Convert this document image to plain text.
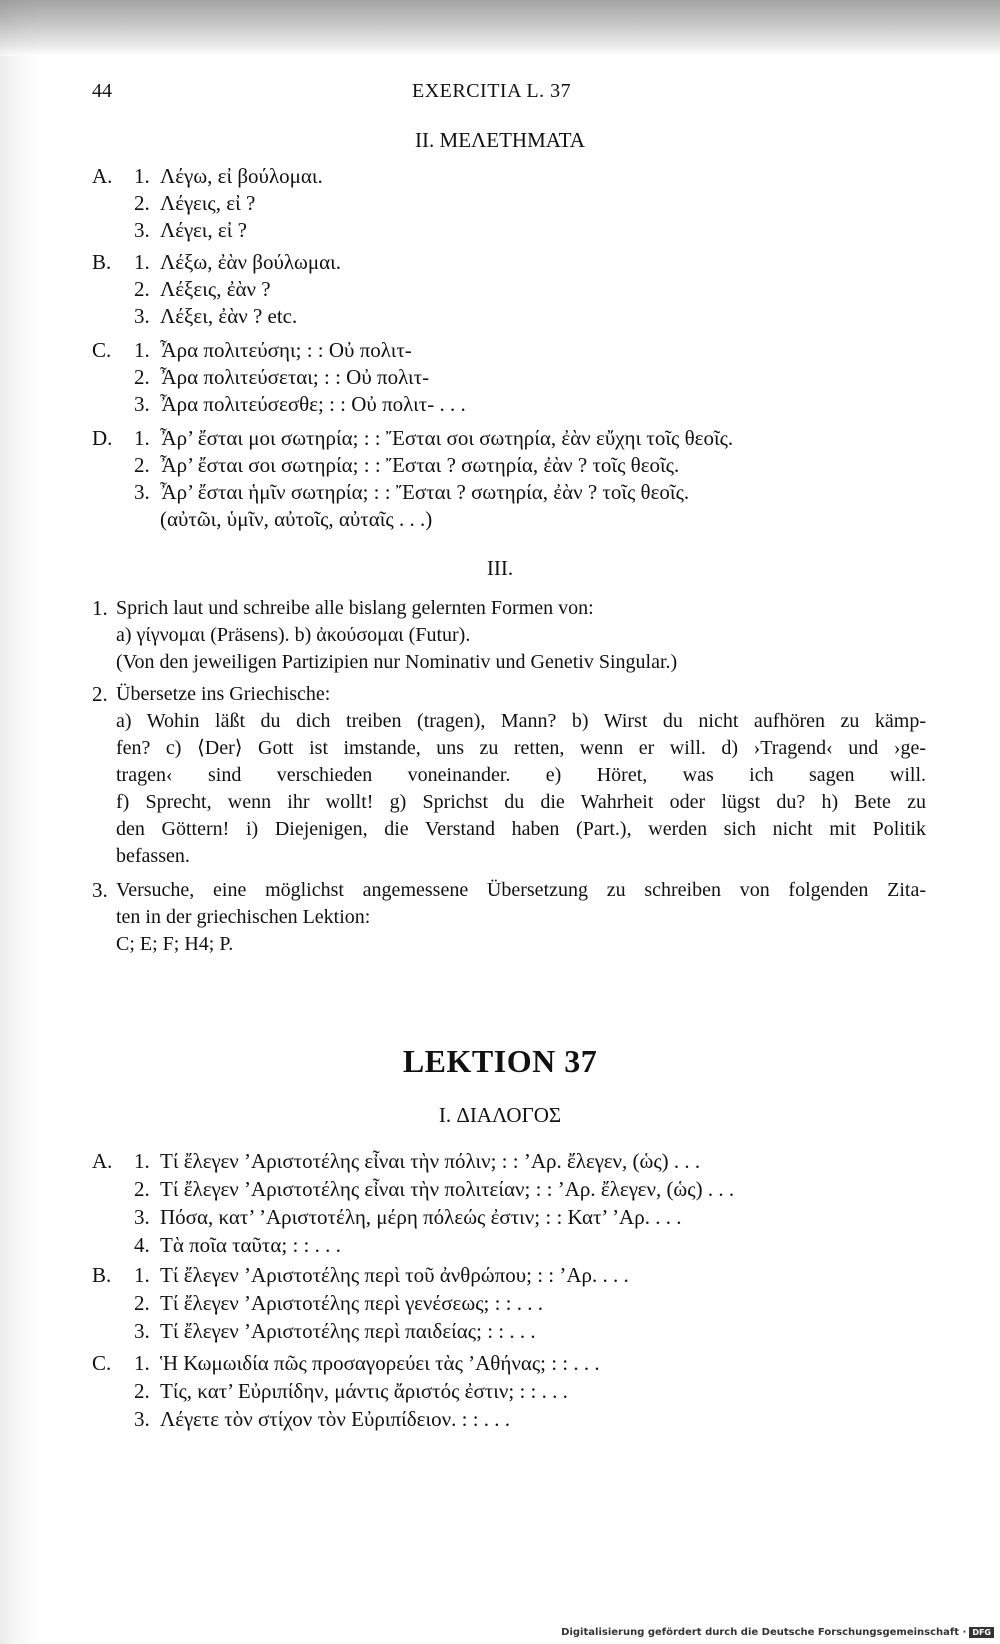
44	EXERCITIA L. 37
II. ΜΕΛΕΤΗΜΑΤΑ
A. 1. Λέγω, εἰ βούλομαι.
2. Λέγεις, εἰ ?
3. Λέγει, εἰ ?
B. 1. Λέξω, ἐὰν βούλωμαι.
2. Λέξεις, ἐὰν ?
3. Λέξει, ἐὰν ? etc.
C. 1. Ἆρα πολιτεύσηι; : : Οὐ πολιτ-
2. Ἆρα πολιτεύσεται; : : Οὐ πολιτ-
3. Ἆρα πολιτεύσεσθε; : : Οὐ πολιτ- . . .
D. 1. Ἆρ’ ἔσται μοι σωτηρία; : : Ἔσται σοι σωτηρία, ἐὰν εὔχηι τοῖς θεοῖς.
2. Ἆρ’ ἔσται σοι σωτηρία; : : Ἔσται ? σωτηρία, ἐὰν ? τοῖς θεοῖς.
3. Ἆρ’ ἔσται ἡμῖν σωτηρία; : : Ἔσται ? σωτηρία, ἐὰν ? τοῖς θεοῖς.
(αὐτῶι, ὑμῖν, αὐτοῖς, αὐταῖς . . .)
III.
1. Sprich laut und schreibe alle bislang gelernten Formen von:
a) γίγνομαι (Präsens). b) ἀκούσομαι (Futur).
(Von den jeweiligen Partizipien nur Nominativ und Genetiv Singular.)
2. Übersetze ins Griechische:
a) Wohin läßt du dich treiben (tragen), Mann? b) Wirst du nicht aufhören zu kämp-
fen? c) ⟨Der⟩ Gott ist imstande, uns zu retten, wenn er will. d) ›Tragend‹ und ›ge-
tragen‹ sind verschieden voneinander. e) Höret, was ich sagen will.
f) Sprecht, wenn ihr wollt! g) Sprichst du die Wahrheit oder lügst du? h) Bete zu
den Göttern! i) Diejenigen, die Verstand haben (Part.), werden sich nicht mit Politik
befassen.
3. Versuche, eine möglichst angemessene Übersetzung zu schreiben von folgenden Zita-
ten in der griechischen Lektion:
C; E; F; H4; P.
LEKTION 37
I. ΔΙΑΛΟΓΟΣ
A. 1. Τί ἔλεγεν ’Αριστοτέλης εἶναι τὴν πόλιν; : : ’Αρ. ἔλεγεν, (ὡς) . . .
2. Τί ἔλεγεν ’Αριστοτέλης εἶναι τὴν πολιτείαν; : : ’Αρ. ἔλεγεν, (ὡς) . . .
3. Πόσα, κατ’ ’Αριστοτέλη, μέρη πόλεώς ἐστιν; : : Κατ’ ’Αρ. . . .
4. Τὰ ποῖα ταῦτα; : : . . .
B. 1. Τί ἔλεγεν ’Αριστοτέλης περὶ τοῦ ἀνθρώπου; : : ’Αρ. . . .
2. Τί ἔλεγεν ’Αριστοτέλης περὶ γενέσεως; : : . . .
3. Τί ἔλεγεν ’Αριστοτέλης περὶ παιδείας; : : . . .
C. 1. Ἡ Κωμωιδία πῶς προσαγορεύει τὰς ’Αθήνας; : : . . .
2. Τίς, κατ’ Εὐριπίδην, μάντις ἄριστός ἐστιν; : : . . .
3. Λέγετε τὸν στίχον τὸν Εὐριπίδειον. : : . . .
Digitalisierung gefördert durch die Deutsche Forschungsgemeinschaft · DFG
